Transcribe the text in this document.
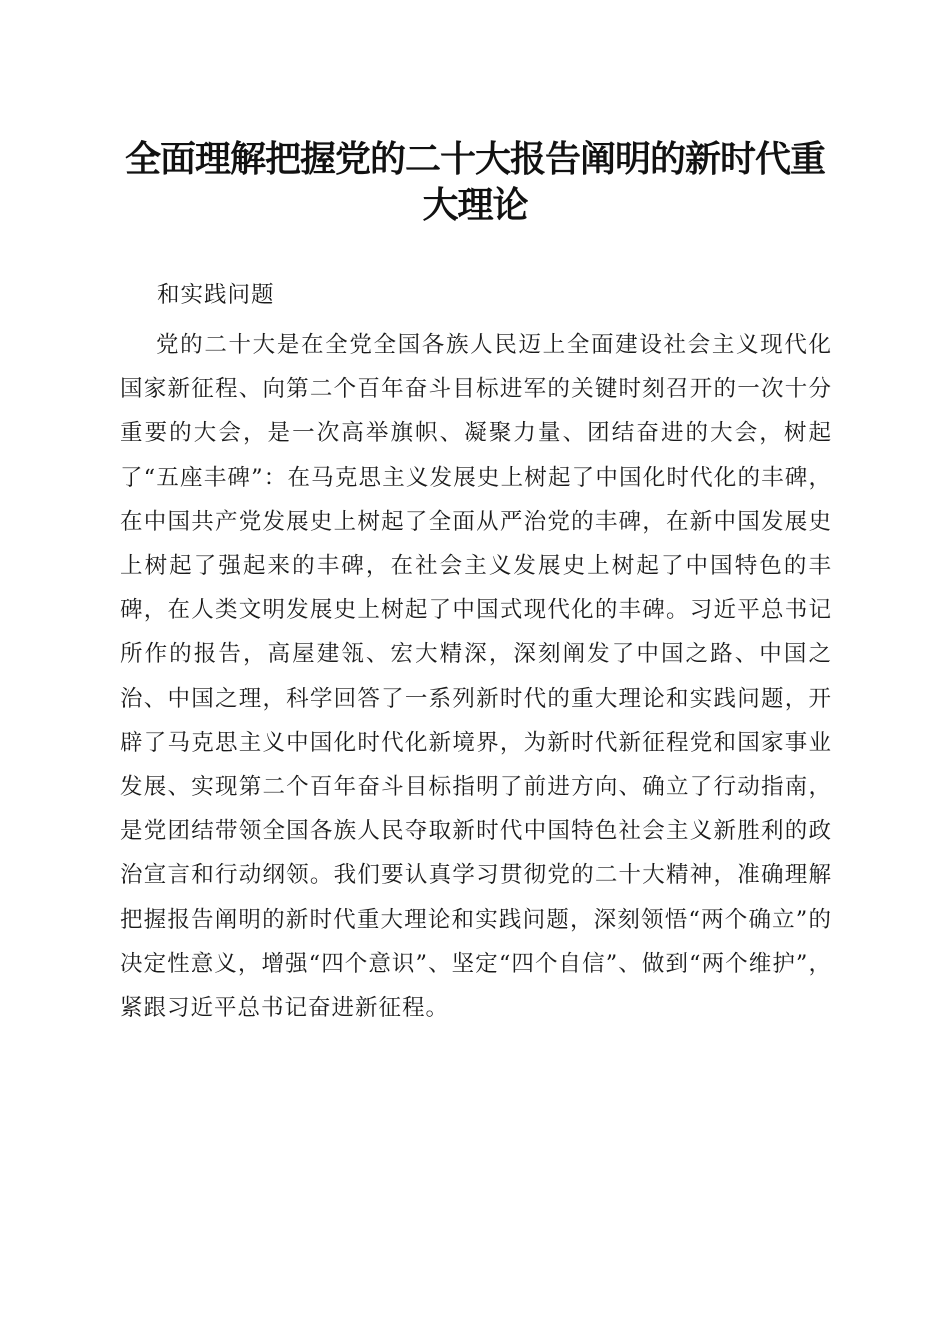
全面理解把握党的二十大报告阐明的新时代重大理论

和实践问题

党的二十大是在全党全国各族人民迈上全面建设社会主义现代化国家新征程、向第二个百年奋斗目标进军的关键时刻召开的一次十分重要的大会，是一次高举旗帜、凝聚力量、团结奋进的大会，树起了“五座丰碑”：在马克思主义发展史上树起了中国化时代化的丰碑，在中国共产党发展史上树起了全面从严治党的丰碑，在新中国发展史上树起了强起来的丰碑，在社会主义发展史上树起了中国特色的丰碑，在人类文明发展史上树起了中国式现代化的丰碑。习近平总书记所作的报告，高屋建瓴、宏大精深，深刻阐发了中国之路、中国之治、中国之理，科学回答了一系列新时代的重大理论和实践问题，开辟了马克思主义中国化时代化新境界，为新时代新征程党和国家事业发展、实现第二个百年奋斗目标指明了前进方向、确立了行动指南，是党团结带领全国各族人民夺取新时代中国特色社会主义新胜利的政治宣言和行动纲领。我们要认真学习贯彻党的二十大精神，准确理解把握报告阐明的新时代重大理论和实践问题，深刻领悟“两个确立”的决定性意义，增强“四个意识”、坚定“四个自信”、做到“两个维护”，紧跟习近平总书记奋进新征程。
